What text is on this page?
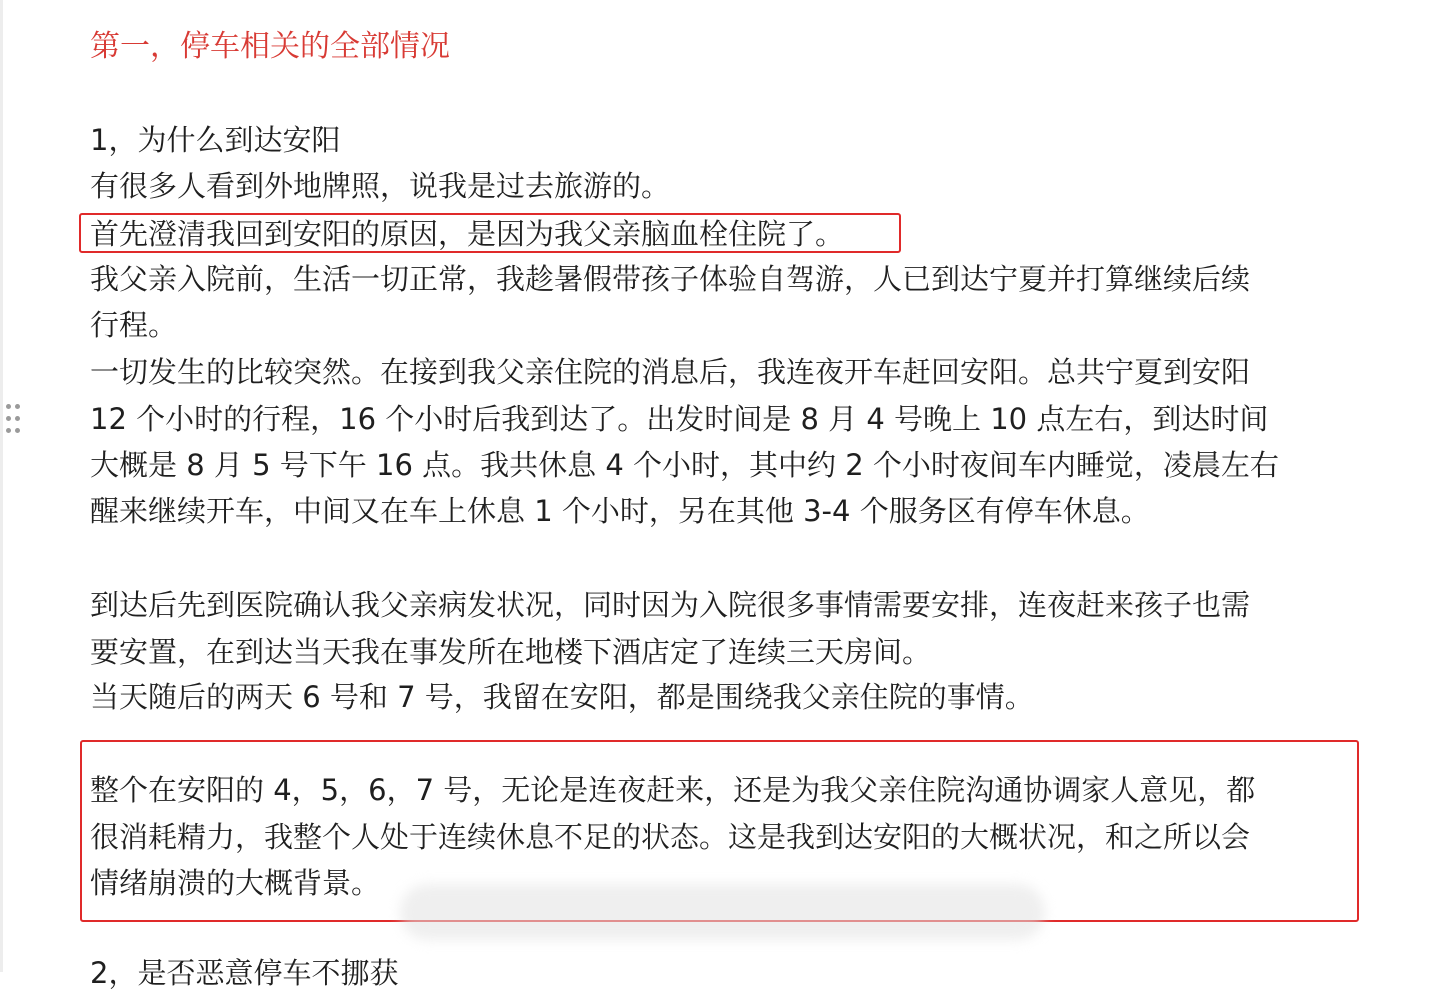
第一，停车相关的全部情况
1，为什么到达安阳
有很多人看到外地牌照，说我是过去旅游的。
首先澄清我回到安阳的原因，是因为我父亲脑血栓住院了。
我父亲入院前，生活一切正常，我趁暑假带孩子体验自驾游，人已到达宁夏并打算继续后续
行程。
一切发生的比较突然。在接到我父亲住院的消息后，我连夜开车赶回安阳。总共宁夏到安阳
12 个小时的行程，16 个小时后我到达了。出发时间是 8 月 4 号晚上 10 点左右，到达时间
大概是 8 月 5 号下午 16 点。我共休息 4 个小时，其中约 2 个小时夜间车内睡觉，凌晨左右
醒来继续开车，中间又在车上休息 1 个小时，另在其他 3-4 个服务区有停车休息。
到达后先到医院确认我父亲病发状况，同时因为入院很多事情需要安排，连夜赶来孩子也需
要安置，在到达当天我在事发所在地楼下酒店定了连续三天房间。
当天随后的两天 6 号和 7 号，我留在安阳，都是围绕我父亲住院的事情。
整个在安阳的 4，5，6，7 号，无论是连夜赶来，还是为我父亲住院沟通协调家人意见，都
很消耗精力，我整个人处于连续休息不足的状态。这是我到达安阳的大概状况，和之所以会
情绪崩溃的大概背景。
2，是否恶意停车不挪获
